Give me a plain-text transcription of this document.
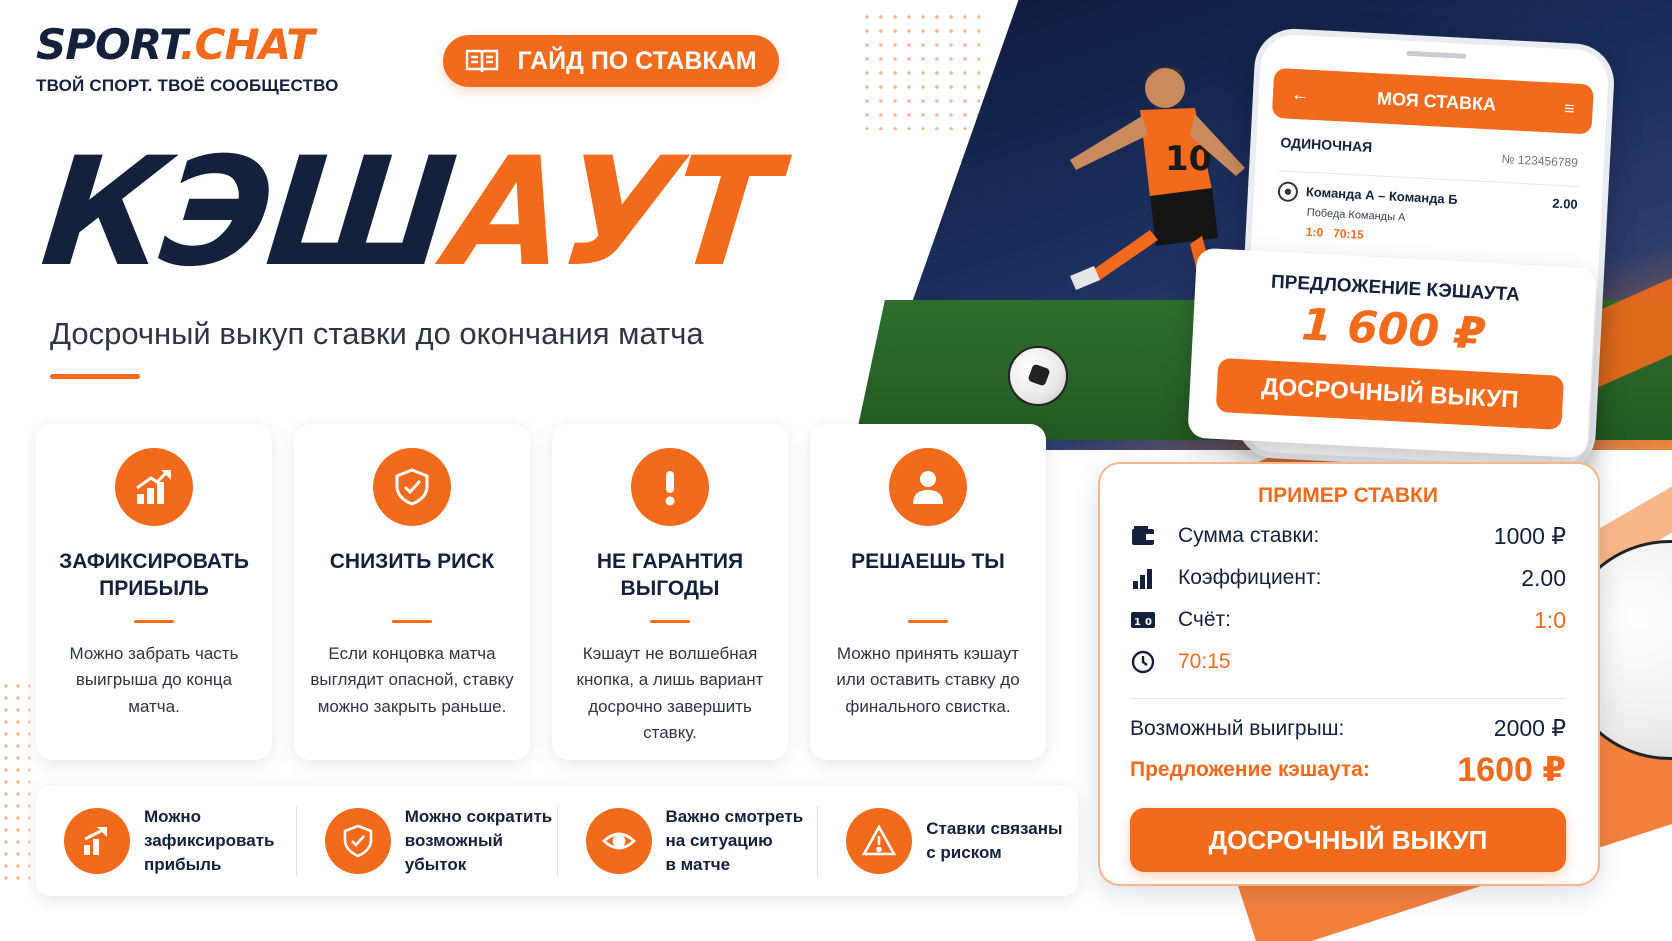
10
SPORT.CHAT
ТВОЙ СПОРТ. ТВОЁ СООБЩЕСТВО
ГАЙД ПО СТАВКАМ
КЭШАУТ
Досрочный выкуп ставки до окончания матча
ЗАФИКСИРОВАТЬ ПРИБЫЛЬ
Можно забрать часть выигрыша до конца матча.
СНИЗИТЬ РИСК
Если концовка матча выглядит опасной, ставку можно закрыть раньше.
НЕ ГАРАНТИЯ ВЫГОДЫ
Кэшаут не волшебная кнопка, а лишь вариант досрочно завершить ставку.
РЕШАЕШЬ ТЫ
Можно принять кэшаут или оставить ставку до финального свистка.
Можно
зафиксировать
прибыль
Можно сократить
возможный
убыток
Важно смотреть
на ситуацию
в матче
Ставки связаны
с риском
←	МОЯ СТАВКА	≡
ОДИНОЧНАЯ
№ 123456789
Команда А – Команда Б	2.00
Победа Команды А
1:0 70:15
ПРЕДЛОЖЕНИЕ КЭШАУТА
1 600 ₽
ДОСРОЧНЫЙ ВЫКУП
ПРИМЕР СТАВКИ
Сумма ставки:	1000 ₽
Коэффициент:	2.00
1 0 Счёт:	1:0
70:15
Возможный выигрыш:	2000 ₽
Предложение кэшаута:	1600 ₽
ДОСРОЧНЫЙ ВЫКУП
